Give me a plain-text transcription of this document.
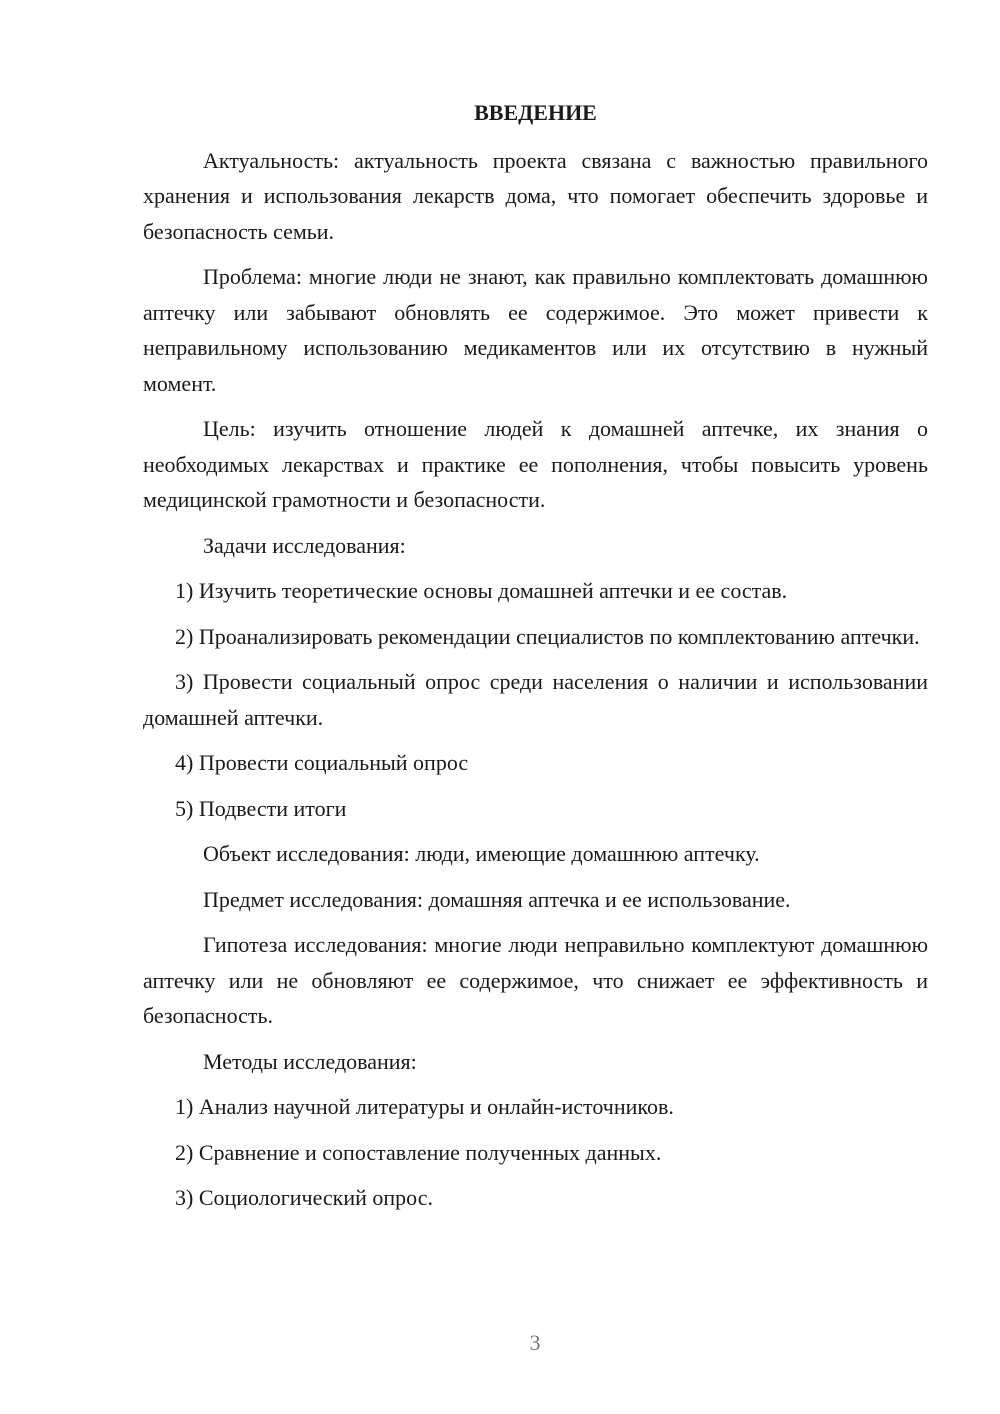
ВВЕДЕНИЕ
Актуальность: актуальность проекта связана с важностью правильного хранения и использования лекарств дома, что помогает обеспечить здоровье и безопасность семьи.
Проблема: многие люди не знают, как правильно комплектовать домашнюю аптечку или забывают обновлять ее содержимое. Это может привести к неправильному использованию медикаментов или их отсутствию в нужный момент.
Цель: изучить отношение людей к домашней аптечке, их знания о необходимых лекарствах и практике ее пополнения, чтобы повысить уровень медицинской грамотности и безопасности.
Задачи исследования:
1) Изучить теоретические основы домашней аптечки и ее состав.
2) Проанализировать рекомендации специалистов по комплектованию аптечки.
3) Провести социальный опрос среди населения о наличии и использовании домашней аптечки.
4) Провести социальный опрос
5) Подвести итоги
Объект исследования: люди, имеющие домашнюю аптечку.
Предмет исследования: домашняя аптечка и ее использование.
Гипотеза исследования: многие люди неправильно комплектуют домашнюю аптечку или не обновляют ее содержимое, что снижает ее эффективность и безопасность.
Методы исследования:
1) Анализ научной литературы и онлайн-источников.
2) Сравнение и сопоставление полученных данных.
3) Социологический опрос.
3
